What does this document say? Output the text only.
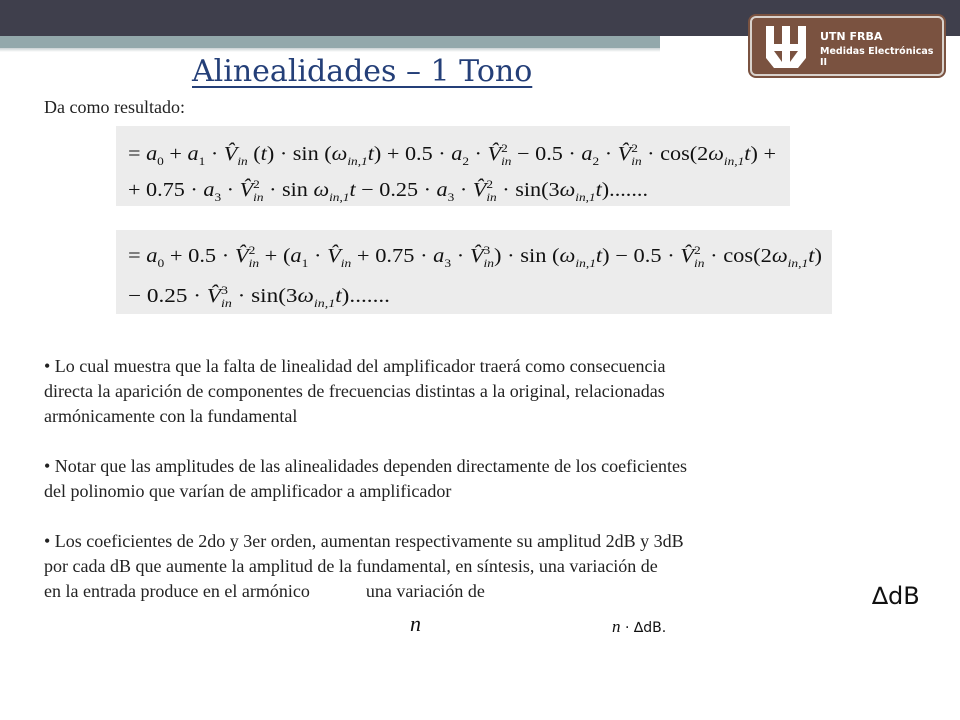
UTN FRBA
Medidas Electrónicas II
Alinealidades – 1 Tono

Da como resultado:

= $a_0 + a_1$ · $V̂_{in}$ (t) · sin ( ω $_{in,1}$ $t) + 0.5 \cdot a_2$ · V̂$^2$ in − $0.5 \cdot a_2$ · V̂$^2$ in · cos(2 ω $_{in,1}$ t) +
+ $0.75 \cdot a_3$ · V̂$^2$ in · sin ω $_{in,1}$ $t - 0.25 \cdot a_3$ · V̂$^2$ in · sin(3 ω $_{in,1}$ t).......
= $a_0 + 0.5$ · V̂$^2$ in + ( $a_1$ · $V̂_{in} + 0.75 \cdot a_3$ · V̂$^3$ in) · sin ( ω $_{in,1}$ t) − 0.5 · V̂$^2$ in · cos(2 ω $_{in,1}$ t)
− 0.25 · V̂ $^3$ in · sin(3 ω $_{in,1}$ t).......

• Lo cual muestra que la falta de linealidad del amplificador traerá como consecuencia

directa la aparición de componentes de frecuencias distintas a la original, relacionadas

armónicamente con la fundamental

• Notar que las amplitudes de las alinealidades dependen directamente de los coeficientes

del polinomio que varían de amplificador a amplificador

• Los coeficientes de 2do y 3er orden, aumentan respectivamente su amplitud 2dB y 3dB

por cada dB que aumente la amplitud de la fundamental, en síntesis, una variación de

en la entrada produce en el armónico	una variación de

n
∆dB
n · ∆dB.
